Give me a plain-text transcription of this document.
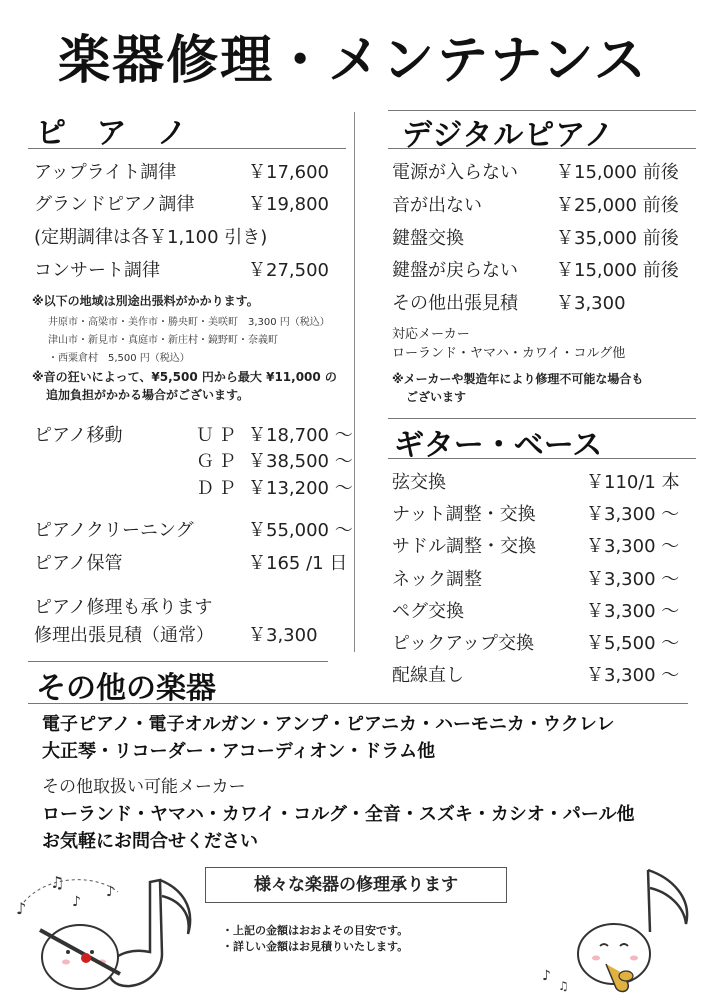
楽器修理・メンテナンス
ピ ア ノ
アップライト調律	￥17,600
グランドピアノ調律	￥19,800
(定期調律は各￥1,100 引き)
コンサート調律	￥27,500
※以下の地域は別途出張料がかかります。
井原市・高梁市・美作市・勝央町・美咲町　3,300 円（税込）
津山市・新見市・真庭市・新庄村・鏡野町・奈義町
・西粟倉村　5,500 円（税込）
※音の狂いによって、¥5,500 円から最大 ¥11,000 の
追加負担がかかる場合がございます。
ピアノ移動	ＵＰ ￥18,700 ～
ＧＰ ￥38,500 ～
ＤＰ ￥13,200 ～
ピアノクリーニング	￥55,000 ～
ピアノ保管	￥165 /1 日
ピアノ修理も承ります
修理出張見積（通常） ￥3,300
デジタルピアノ
電源が入らない ￥15,000 前後
音が出ない	￥25,000 前後
鍵盤交換	￥35,000 前後
鍵盤が戻らない ￥15,000 前後
その他出張見積 ￥3,300
対応メーカー
ローランド・ヤマハ・カワイ・コルグ他
※メーカーや製造年により修理不可能な場合も
ございます
ギター・ベース
弦交換	￥110/1 本
ナット調整・交換	￥3,300 ～
サドル調整・交換	￥3,300 ～
ネック調整	￥3,300 ～
ペグ交換	￥3,300 ～
ピックアップ交換	￥5,500 ～
配線直し	￥3,300 ～
その他の楽器
電子ピアノ・電子オルガン・アンプ・ピアニカ・ハーモニカ・ウクレレ
大正琴・リコーダー・アコーディオン・ドラム他
その他取扱い可能メーカー
ローランド・ヤマハ・カワイ・コルグ・全音・スズキ・カシオ・パール他
お気軽にお問合せください
様々な楽器の修理承ります
・上記の金額はおおよその目安です。
・詳しい金額はお見積りいたします。
♪
♫
♪
♪
♪
♫
